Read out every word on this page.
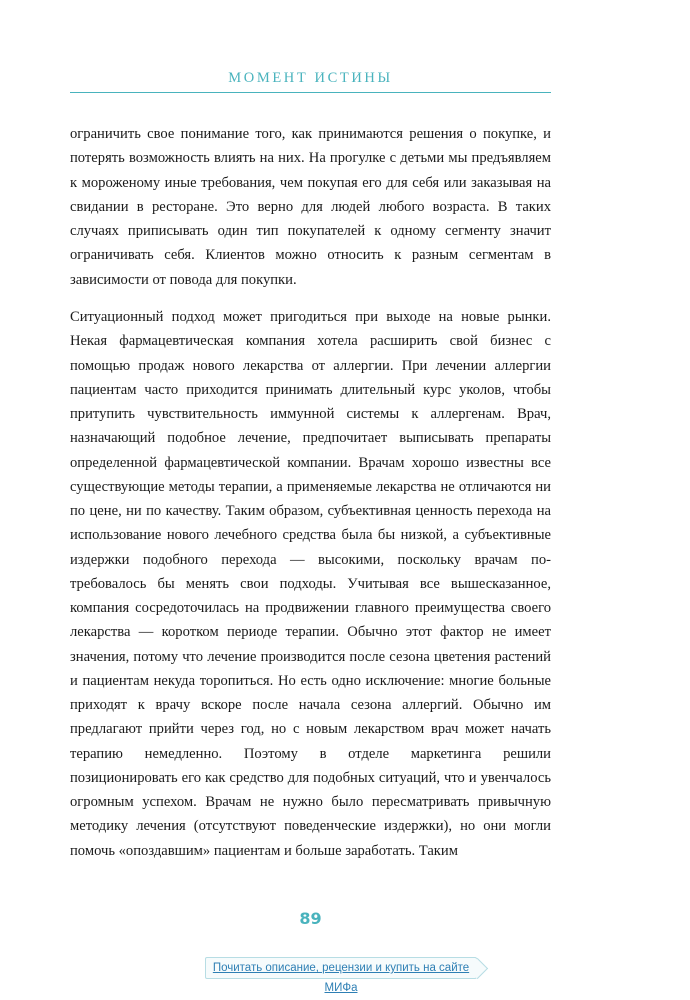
МОМЕНТ ИСТИНЫ

ограничить свое понимание того, как принимаются решения о покупке, и потерять возможность влиять на них. На прогулке с детьми мы предъявляем к мороженому иные требования, чем покупая его для себя или заказывая на свидании в ресторане. Это верно для людей любого возраста. В таких случаях приписывать один тип покупателей к одному сегменту значит ограничивать себя. Клиентов можно относить к разным сегментам в зависимости от повода для покупки.

Ситуационный подход может пригодиться при выходе на новые рынки. Некая фармацевтическая компания хотела расширить свой бизнес с помощью продаж нового лекарства от аллергии. При лечении аллергии пациентам часто приходится принимать длительный курс уколов, чтобы притупить чувствительность иммунной системы к аллергенам. Врач, назначающий подобное лечение, предпочитает выписывать препараты определенной фармацевтической компании. Врачам хорошо известны все существующие методы терапии, а применяемые лекарства не отличаются ни по цене, ни по качеству. Таким образом, субъективная ценность перехода на использование нового лечебного средства была бы низкой, а субъективные издержки подобного перехода — высокими, поскольку врачам потребовалось бы менять свои подходы. Учитывая все вышесказанное, компания сосредоточилась на продвижении главного преимущества своего лекарства — коротком периоде терапии. Обычно этот фактор не имеет значения, потому что лечение производится после сезона цветения растений и пациентам некуда торопиться. Но есть одно исключение: многие больные приходят к врачу вскоре после начала сезона аллергий. Обычно им предлагают прийти через год, но с новым лекарством врач может начать терапию немедленно. Поэтому в отделе маркетинга решили позиционировать его как средство для подобных ситуаций, что и увенчалось огромным успехом. Врачам не нужно было пересматривать привычную методику лечения (отсутствуют поведенческие издержки), но они могли помочь «опоздавшим» пациентам и больше заработать. Таким

89
Почитать описание, рецензии и купить на сайте МИФа
